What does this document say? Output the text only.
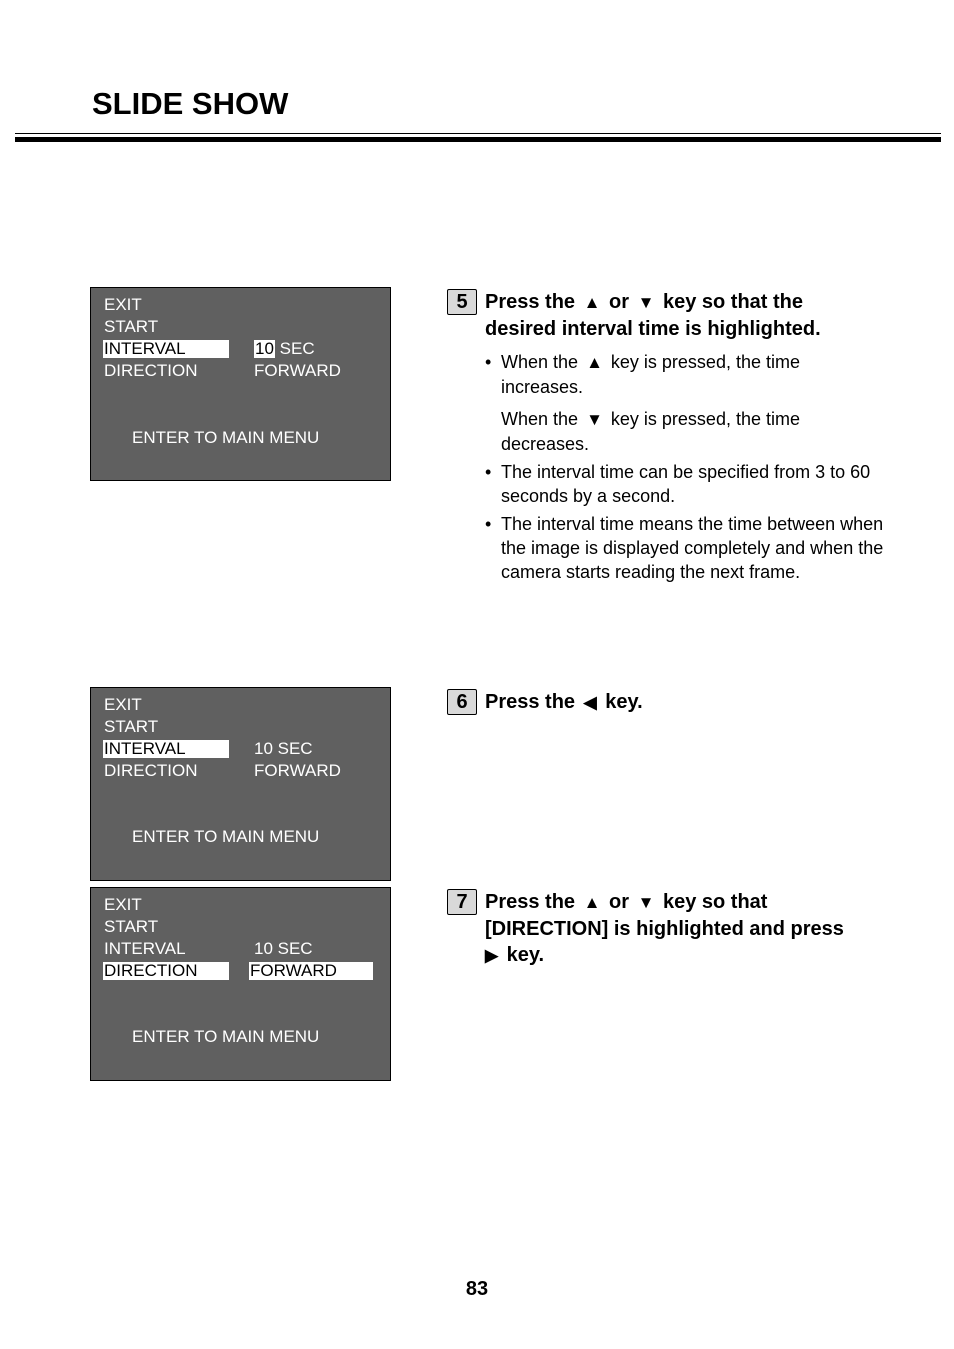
SLIDE SHOW
EXIT
START
INTERVAL	10 SEC
DIRECTION	FORWARD
ENTER TO MAIN MENU
EXIT
START
INTERVAL	10 SEC
DIRECTION	FORWARD
ENTER TO MAIN MENU
EXIT
START
INTERVAL	10 SEC
DIRECTION	FORWARD
ENTER TO MAIN MENU
5 Press the ▲ or ▼ key so that the
desired interval time is highlighted.
• When the ▲ key is pressed, the time
increases.
When the ▼ key is pressed, the time
decreases.
• The interval time can be specified from 3 to 60 seconds by a second.
• The interval time means the time between when the image is displayed completely and when the camera starts reading the next frame.
6 Press the ◀ key.
7 Press the ▲ or ▼ key so that
[DIRECTION] is highlighted and press
▶ key.
83
